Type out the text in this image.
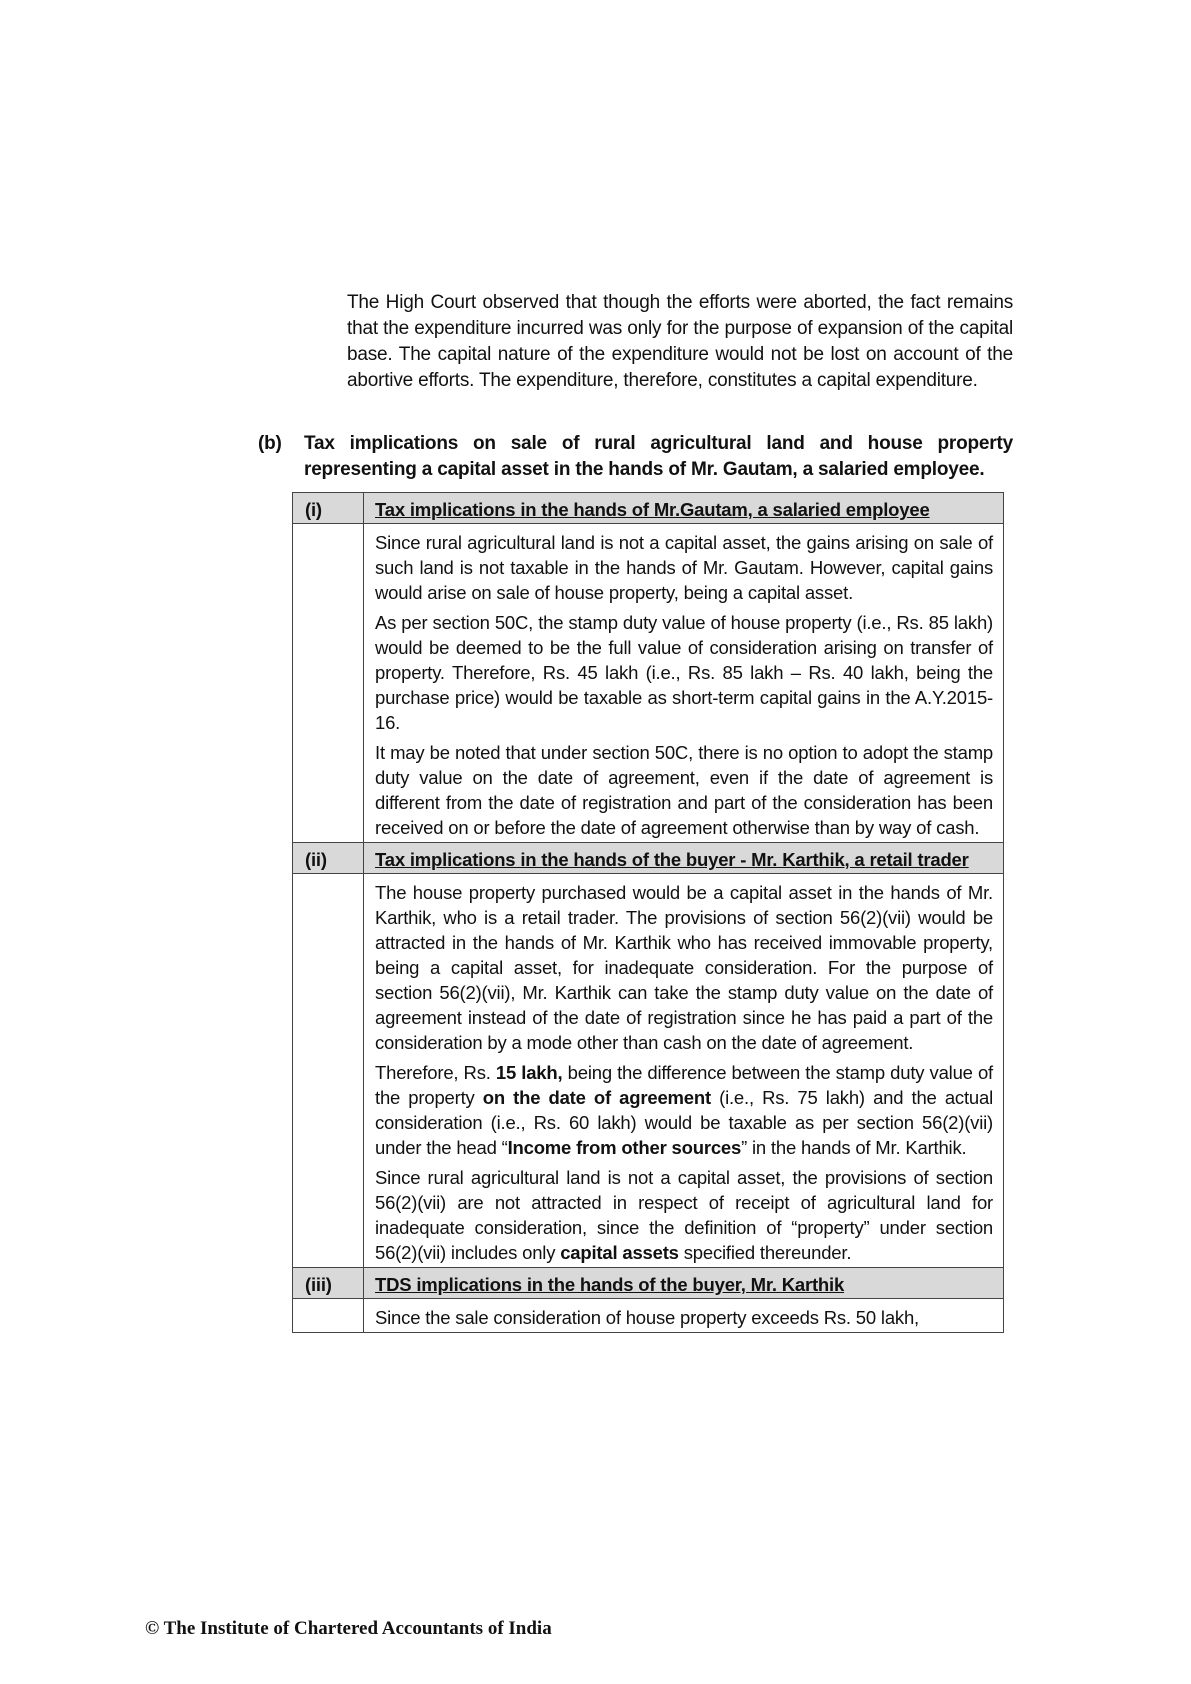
The High Court observed that though the efforts were aborted, the fact remains that the expenditure incurred was only for the purpose of expansion of the capital base. The capital nature of the expenditure would not be lost on account of the abortive efforts. The expenditure, therefore, constitutes a capital expenditure.
(b) Tax implications on sale of rural agricultural land and house property representing a capital asset in the hands of Mr. Gautam, a salaried employee.
(i)	Tax implications in the hands of Mr.Gautam, a salaried employee

	Since rural agricultural land is not a capital asset, the gains arising on sale of such land is not taxable in the hands of Mr. Gautam. However, capital gains would arise on sale of house property, being a capital asset.

As per section 50C, the stamp duty value of house property (i.e., Rs. 85 lakh) would be deemed to be the full value of consideration arising on transfer of property. Therefore, Rs. 45 lakh (i.e., Rs. 85 lakh – Rs. 40 lakh, being the purchase price) would be taxable as short-term capital gains in the A.Y.2015-16.

It may be noted that under section 50C, there is no option to adopt the stamp duty value on the date of agreement, even if the date of agreement is different from the date of registration and part of the consideration has been received on or before the date of agreement otherwise than by way of cash.

(ii)	Tax implications in the hands of the buyer - Mr. Karthik, a retail trader

	The house property purchased would be a capital asset in the hands of Mr. Karthik, who is a retail trader. The provisions of section 56(2)(vii) would be attracted in the hands of Mr. Karthik who has received immovable property, being a capital asset, for inadequate consideration. For the purpose of section 56(2)(vii), Mr. Karthik can take the stamp duty value on the date of agreement instead of the date of registration since he has paid a part of the consideration by a mode other than cash on the date of agreement.

Therefore, Rs. 15 lakh, being the difference between the stamp duty value of the property on the date of agreement (i.e., Rs. 75 lakh) and the actual consideration (i.e., Rs. 60 lakh) would be taxable as per section 56(2)(vii) under the head “Income from other sources” in the hands of Mr. Karthik.

Since rural agricultural land is not a capital asset, the provisions of section 56(2)(vii) are not attracted in respect of receipt of agricultural land for inadequate consideration, since the definition of “property” under section 56(2)(vii) includes only capital assets specified thereunder.

(iii)	TDS implications in the hands of the buyer, Mr. Karthik

	Since the sale consideration of house property exceeds Rs. 50 lakh,

© The Institute of Chartered Accountants of India
